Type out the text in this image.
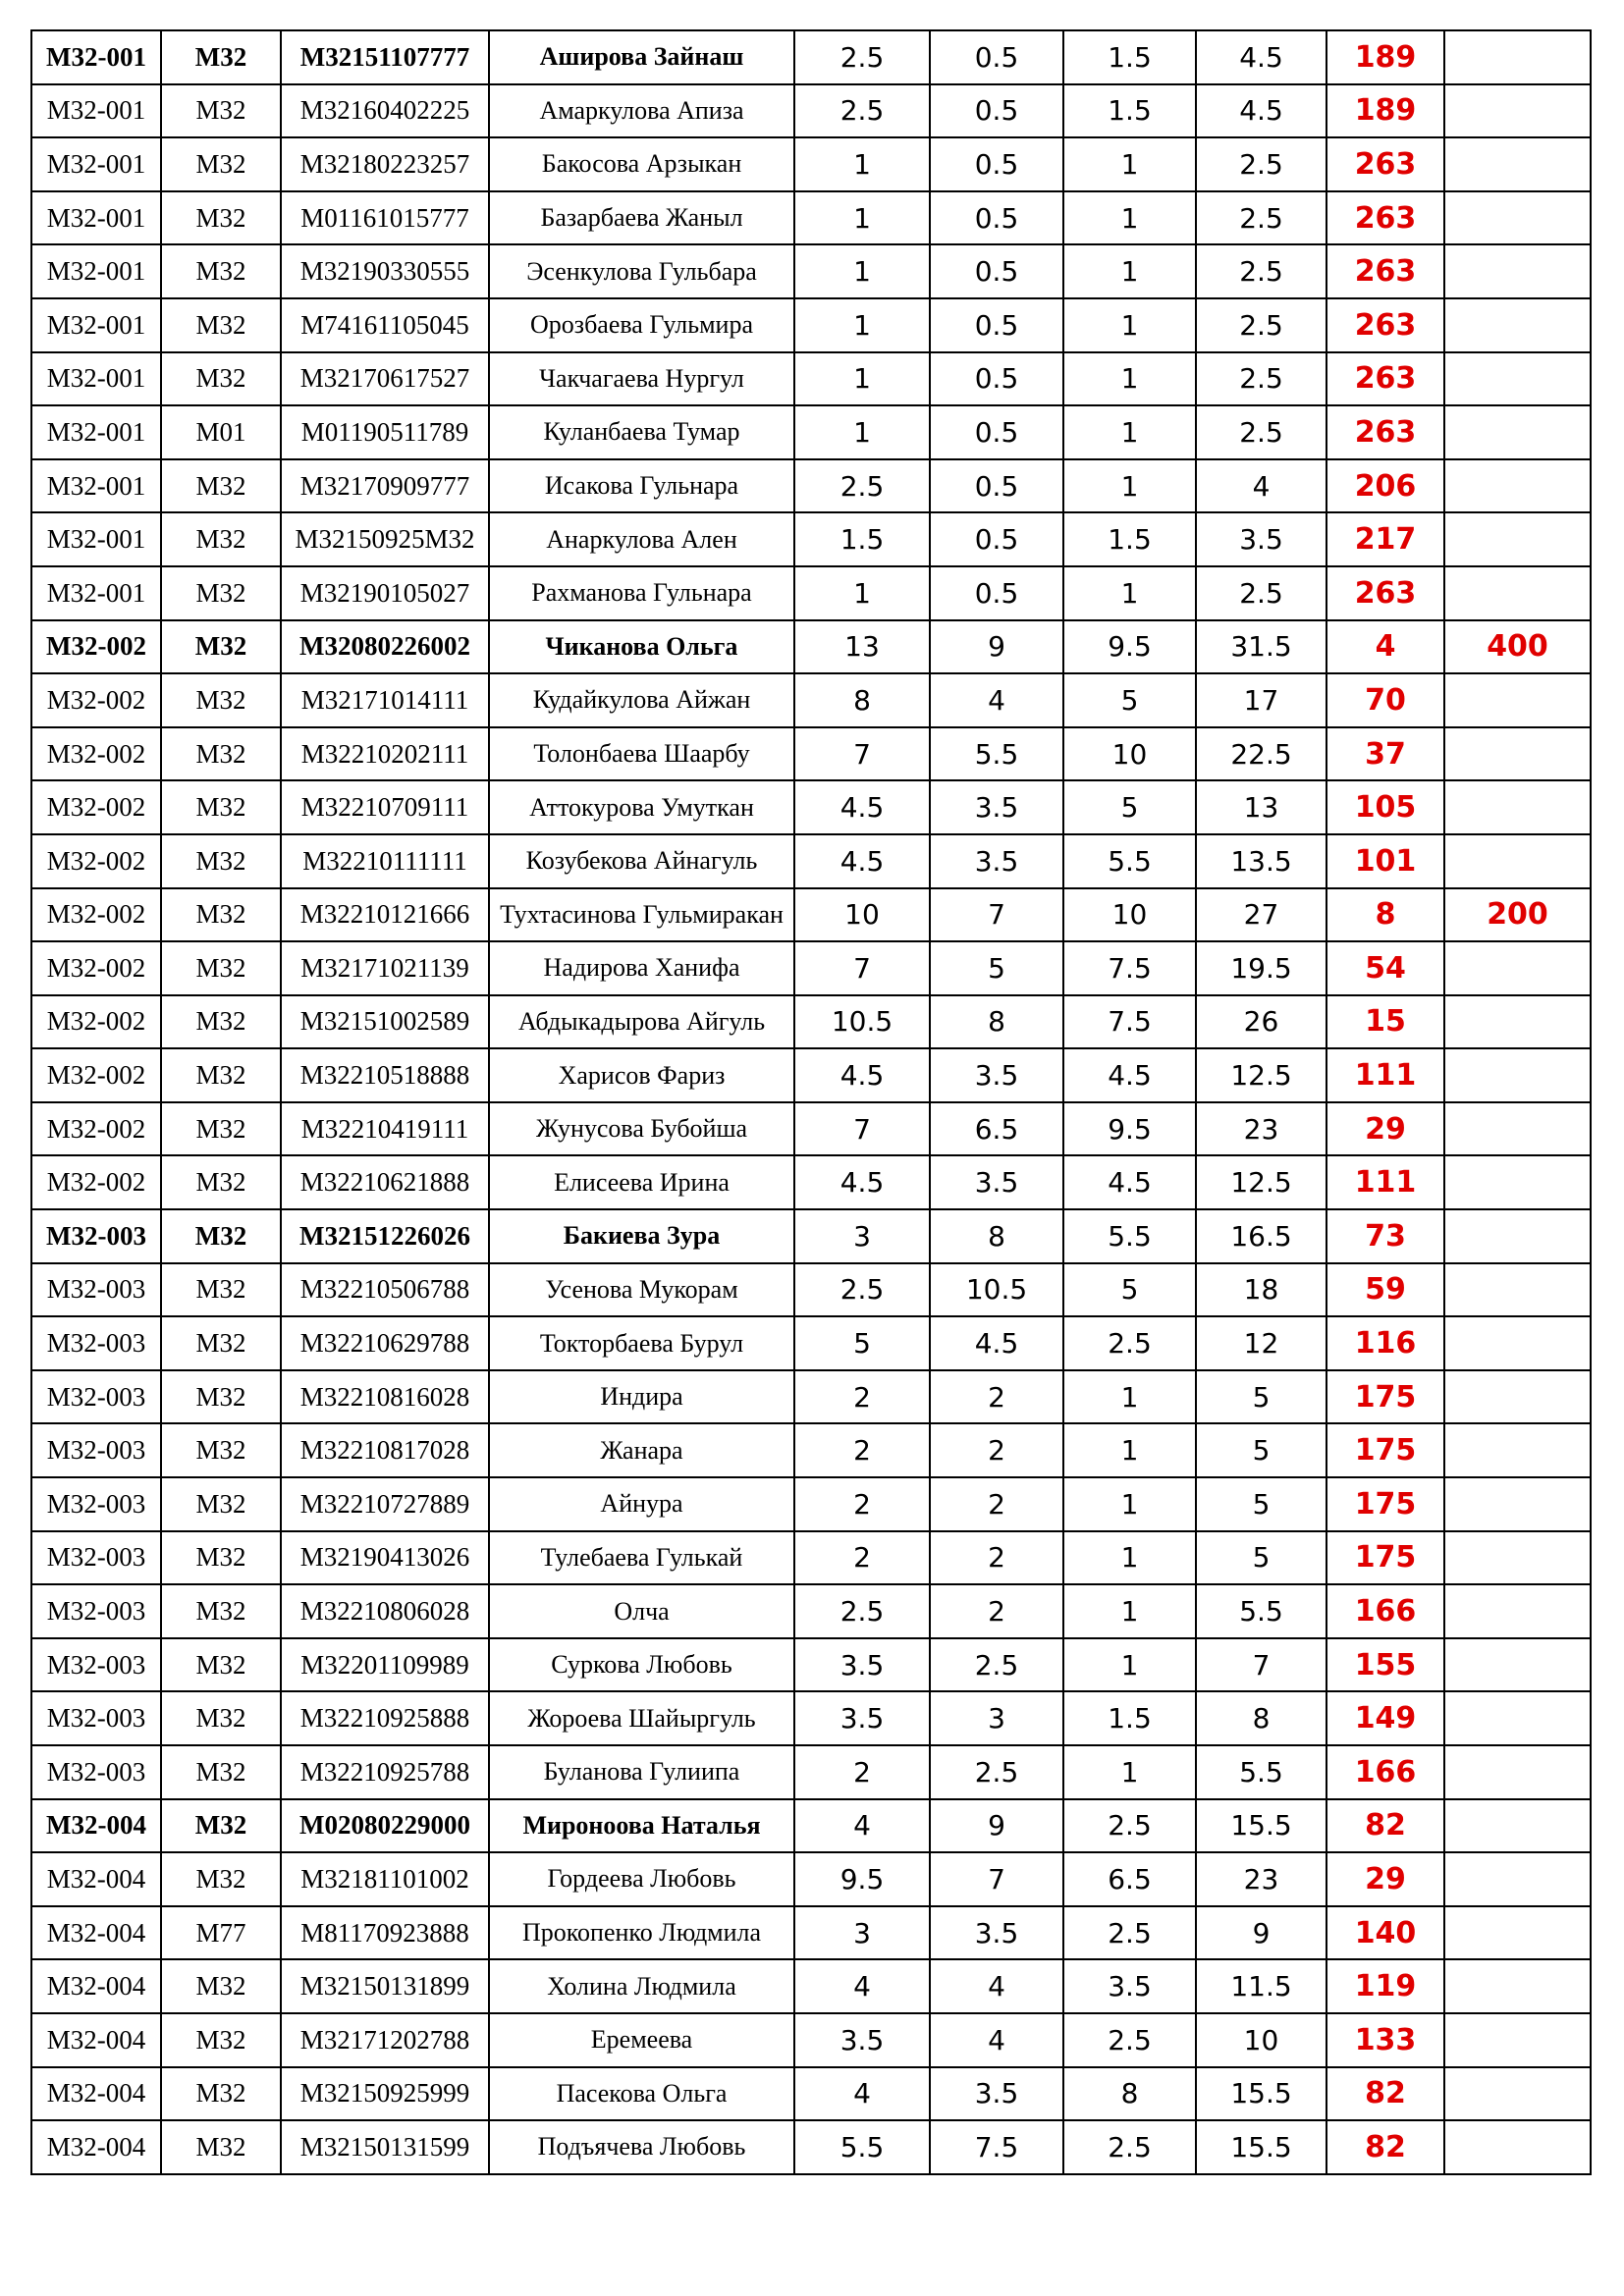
М32-001	М32	М32151107777	Аширова Зайнаш	2.5	0.5	1.5	4.5	189	
М32-001	М32	М32160402225	Амаркулова Апиза	2.5	0.5	1.5	4.5	189	
М32-001	М32	М32180223257	Бакосова Арзыкан	1	0.5	1	2.5	263	
М32-001	М32	М01161015777	Базарбаева Жаныл	1	0.5	1	2.5	263	
М32-001	М32	М32190330555	Эсенкулова Гульбара	1	0.5	1	2.5	263	
М32-001	М32	М74161105045	Орозбаева Гульмира	1	0.5	1	2.5	263	
М32-001	М32	М32170617527	Чакчагаева Нургул	1	0.5	1	2.5	263	
М32-001	М01	М01190511789	Куланбаева Тумар	1	0.5	1	2.5	263	
М32-001	М32	М32170909777	Исакова Гульнара	2.5	0.5	1	4	206	
М32-001	М32	М32150925М32	Анаркулова Ален	1.5	0.5	1.5	3.5	217	
М32-001	М32	М32190105027	Рахманова Гульнара	1	0.5	1	2.5	263	
М32-002	М32	М32080226002	Чиканова Ольга	13	9	9.5	31.5	4	400
М32-002	М32	М32171014111	Кудайкулова Айжан	8	4	5	17	70	
М32-002	М32	М32210202111	Толонбаева Шаарбу	7	5.5	10	22.5	37	
М32-002	М32	М32210709111	Аттокурова Умуткан	4.5	3.5	5	13	105	
М32-002	М32	М32210111111	Козубекова Айнагуль	4.5	3.5	5.5	13.5	101	
М32-002	М32	М32210121666	Тухтасинова Гульмиракан	10	7	10	27	8	200
М32-002	М32	М32171021139	Надирова Ханифа	7	5	7.5	19.5	54	
М32-002	М32	М32151002589	Абдыкадырова Айгуль	10.5	8	7.5	26	15	
М32-002	М32	М32210518888	Харисов Фариз	4.5	3.5	4.5	12.5	111	
М32-002	М32	М32210419111	Жунусова Бубойша	7	6.5	9.5	23	29	
М32-002	М32	М32210621888	Елисеева Ирина	4.5	3.5	4.5	12.5	111	
М32-003	М32	М32151226026	Бакиева Зура	3	8	5.5	16.5	73	
М32-003	М32	М32210506788	Усенова Мукорам	2.5	10.5	5	18	59	
М32-003	М32	М32210629788	Токторбаева Бурул	5	4.5	2.5	12	116	
М32-003	М32	М32210816028	Индира	2	2	1	5	175	
М32-003	М32	М32210817028	Жанара	2	2	1	5	175	
М32-003	М32	М32210727889	Айнура	2	2	1	5	175	
М32-003	М32	М32190413026	Тулебаева Гулькай	2	2	1	5	175	
М32-003	М32	М32210806028	Олча	2.5	2	1	5.5	166	
М32-003	М32	М32201109989	Суркова Любовь	3.5	2.5	1	7	155	
М32-003	М32	М32210925888	Жороева Шайыргуль	3.5	3	1.5	8	149	
М32-003	М32	М32210925788	Буланова Гулиипа	2	2.5	1	5.5	166	
М32-004	М32	М02080229000	Мироноова Наталья	4	9	2.5	15.5	82	
М32-004	М32	М32181101002	Гордеева Любовь	9.5	7	6.5	23	29	
М32-004	М77	М81170923888	Прокопенко Людмила	3	3.5	2.5	9	140	
М32-004	М32	М32150131899	Холина Людмила	4	4	3.5	11.5	119	
М32-004	М32	М32171202788	Еремеева	3.5	4	2.5	10	133	
М32-004	М32	М32150925999	Пасекова Ольга	4	3.5	8	15.5	82	
М32-004	М32	М32150131599	Подъячева Любовь	5.5	7.5	2.5	15.5	82	
